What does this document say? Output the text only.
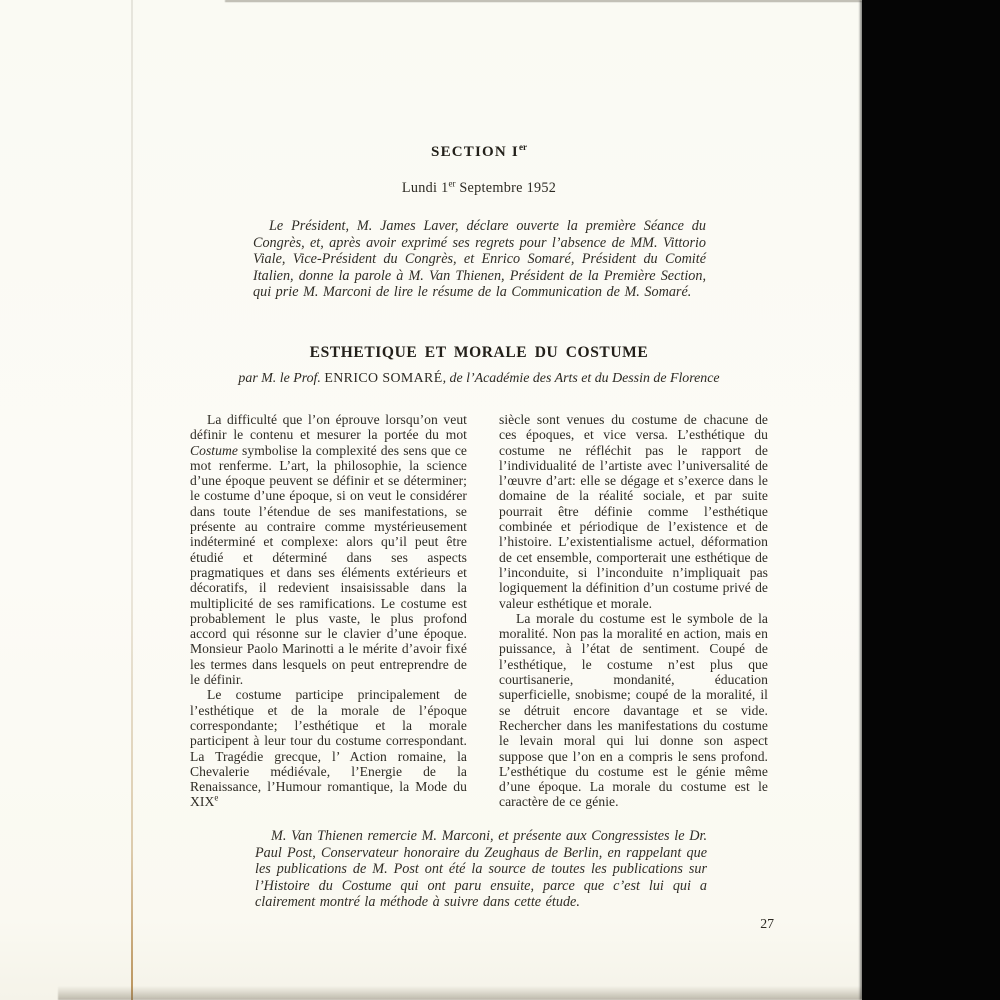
SECTION Ier
Lundi 1er Septembre 1952

Le Président, M. James Laver, déclare ouverte la première Séance du Congrès, et, après avoir exprimé ses regrets pour l’absence de MM. Vittorio Viale, Vice-Président du Congrès, et Enrico Somaré, Président du Comité Italien, donne la parole à M. Van Thienen, Président de la Première Section, qui prie M. Marconi de lire le résume de la Communication de M. Somaré.

ESTHETIQUE ET MORALE DU COSTUME
par M. le Prof. ENRICO SOMARÉ, de l’Académie des Arts et du Dessin de Florence

La difficulté que l’on éprouve lorsqu’on veut définir le contenu et mesurer la portée du mot Costume symbolise la complexité des sens que ce mot renferme. L’art, la philosophie, la science d’une époque peuvent se définir et se déterminer; le costume d’une époque, si on veut le considérer dans toute l’étendue de ses manifestations, se présente au contraire comme mystérieusement indéterminé et complexe: alors qu’il peut être étudié et déterminé dans ses aspects pragmatiques et dans ses éléments extérieurs et décoratifs, il redevient insaisissable dans la multiplicité de ses ramifications. Le costume est probablement le plus vaste, le plus profond accord qui résonne sur le clavier d’une époque. Monsieur Paolo Marinotti a le mérite d’avoir fixé les termes dans lesquels on peut entreprendre de le définir.

Le costume participe principalement de l’esthétique et de la morale de l’époque correspondante; l’esthétique et la morale participent à leur tour du costume correspondant. La Tragédie grecque, l’ Action romaine, la Chevalerie médiévale, l’Energie de la Renaissance, l’Humour romantique, la Mode du XIXe

siècle sont venues du costume de chacune de ces époques, et vice versa. L’esthétique du costume ne réfléchit pas le rapport de l’individualité de l’artiste avec l’universalité de l’œuvre d’art: elle se dégage et s’exerce dans le domaine de la réalité sociale, et par suite pourrait être définie comme l’esthétique combinée et périodique de l’existence et de l’histoire. L’existentialisme actuel, déformation de cet ensemble, comporterait une esthétique de l’inconduite, si l’inconduite n’impliquait pas logiquement la définition d’un costume privé de valeur esthétique et morale.

La morale du costume est le symbole de la moralité. Non pas la moralité en action, mais en puissance, à l’état de sentiment. Coupé de l’esthétique, le costume n’est plus que courtisanerie, mondanité, éducation superficielle, snobisme; coupé de la moralité, il se détruit encore davantage et se vide. Rechercher dans les manifestations du costume le levain moral qui lui donne son aspect suppose que l’on en a compris le sens profond. L’esthétique du costume est le génie même d’une époque. La morale du costume est le caractère de ce génie.

M. Van Thienen remercie M. Marconi, et présente aux Congressistes le Dr. Paul Post, Conservateur honoraire du Zeughaus de Berlin, en rappelant que les publications de M. Post ont été la source de toutes les publications sur l’Histoire du Costume qui ont paru ensuite, parce que c’est lui qui a clairement montré la méthode à suivre dans cette étude.

27
